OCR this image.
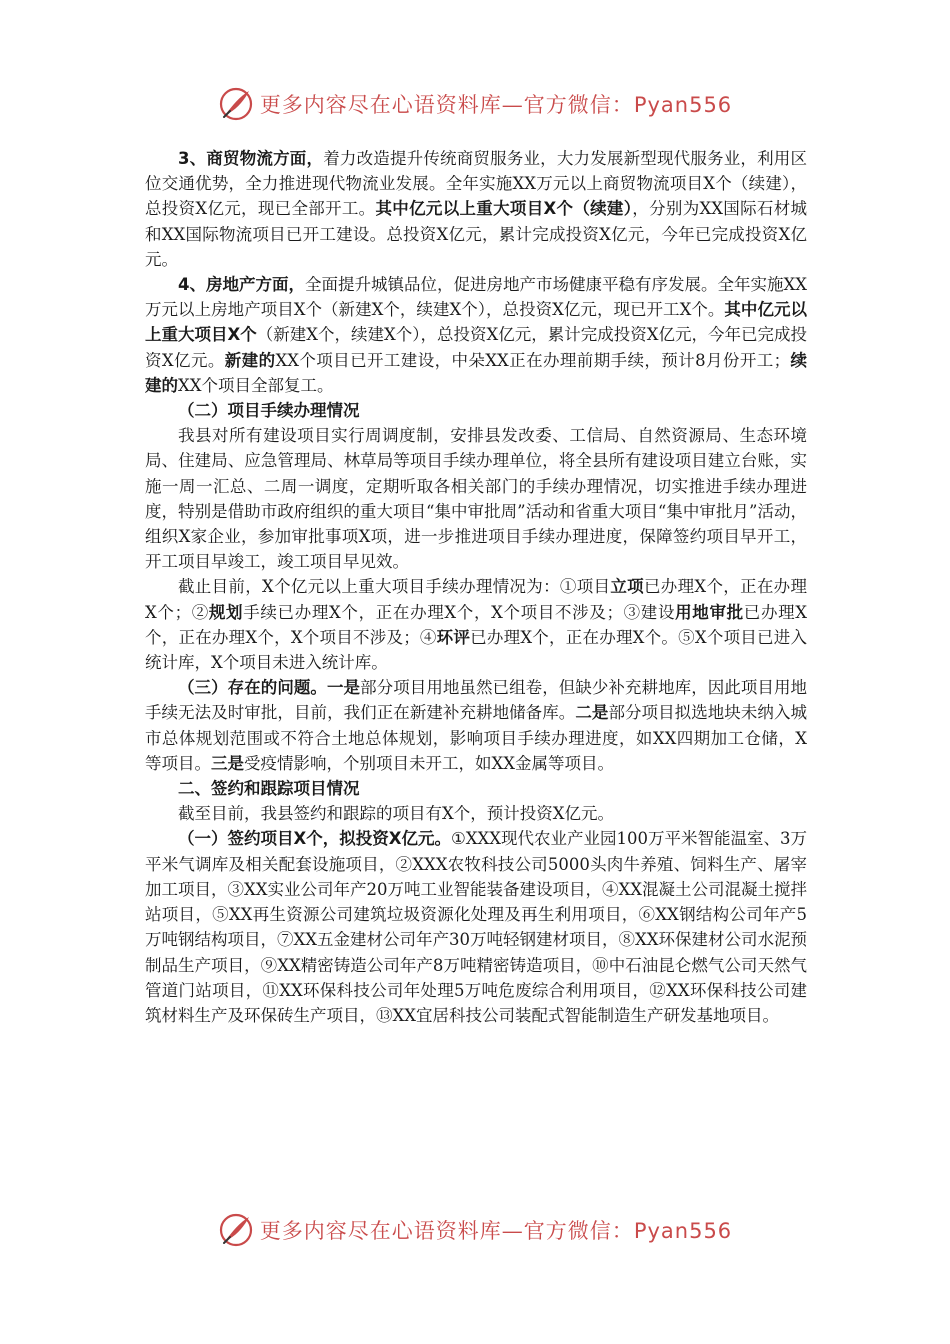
更多内容尽在心语资料库—官方微信：Pyan556

3、商贸物流方面，着力改造提升传统商贸服务业，大力发展新型现代服务业，利用区位交通优势，全力推进现代物流业发展。全年实施XX万元以上商贸物流项目X个（续建），总投资X亿元，现已全部开工。其中亿元以上重大项目X个（续建），分别为XX国际石材城和XX国际物流项目已开工建设。总投资X亿元，累计完成投资X亿元，今年已完成投资X亿元。

4、房地产方面，全面提升城镇品位，促进房地产市场健康平稳有序发展。全年实施XX万元以上房地产项目X个（新建X个，续建X个），总投资X亿元，现已开工X个。其中亿元以上重大项目X个（新建X个，续建X个），总投资X亿元，累计完成投资X亿元，今年已完成投资X亿元。新建的XX个项目已开工建设，中朵XX正在办理前期手续，预计8月份开工；续建的XX个项目全部复工。

（二）项目手续办理情况

我县对所有建设项目实行周调度制，安排县发改委、工信局、自然资源局、生态环境局、住建局、应急管理局、林草局等项目手续办理单位，将全县所有建设项目建立台账，实施一周一汇总、二周一调度，定期听取各相关部门的手续办理情况，切实推进手续办理进度，特别是借助市政府组织的重大项目“集中审批周”活动和省重大项目“集中审批月”活动，组织X家企业，参加审批事项X项，进一步推进项目手续办理进度，保障签约项目早开工，开工项目早竣工，竣工项目早见效。

截止目前，X个亿元以上重大项目手续办理情况为：①项目立项已办理X个，正在办理X个；②规划手续已办理X个，正在办理X个，X个项目不涉及；③建设用地审批已办理X个，正在办理X个，X个项目不涉及；④环评已办理X个，正在办理X个。⑤X个项目已进入统计库，X个项目未进入统计库。

（三）存在的问题。一是部分项目用地虽然已组卷，但缺少补充耕地库，因此项目用地手续无法及时审批，目前，我们正在新建补充耕地储备库。二是部分项目拟选地块未纳入城市总体规划范围或不符合土地总体规划，影响项目手续办理进度，如XX四期加工仓储，X等项目。三是受疫情影响，个别项目未开工，如XX金属等项目。

二、签约和跟踪项目情况

截至目前，我县签约和跟踪的项目有X个，预计投资X亿元。

（一）签约项目X个，拟投资X亿元。①XXX现代农业产业园100万平米智能温室、3万平米气调库及相关配套设施项目，②XXX农牧科技公司5000头肉牛养殖、饲料生产、屠宰加工项目，③XX实业公司年产20万吨工业智能装备建设项目，④XX混凝土公司混凝土搅拌站项目，⑤XX再生资源公司建筑垃圾资源化处理及再生利用项目，⑥XX钢结构公司年产5万吨钢结构项目，⑦XX五金建材公司年产30万吨轻钢建材项目，⑧XX环保建材公司水泥预制品生产项目，⑨XX精密铸造公司年产8万吨精密铸造项目，⑩中石油昆仑燃气公司天然气管道门站项目，⑪XX环保科技公司年处理5万吨危废综合利用项目，⑫XX环保科技公司建筑材料生产及环保砖生产项目，⑬XX宜居科技公司装配式智能制造生产研发基地项目。

更多内容尽在心语资料库—官方微信：Pyan556
